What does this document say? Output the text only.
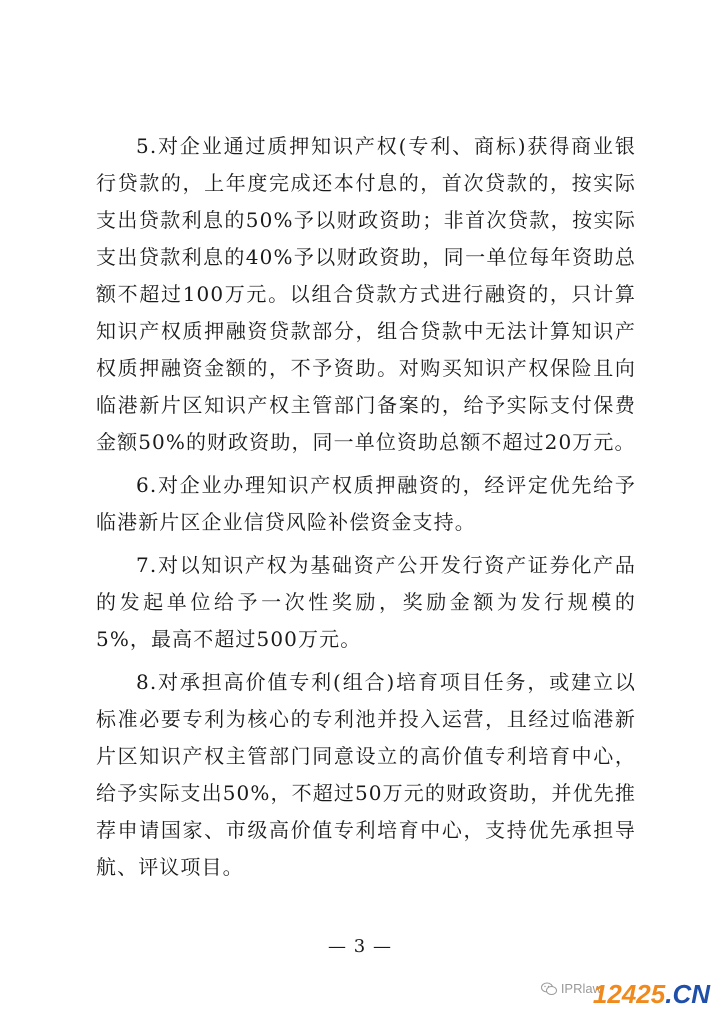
5.对企业通过质押知识产权(专利、商标)获得商业银行贷款的，上年度完成还本付息的，首次贷款的，按实际支出贷款利息的50%予以财政资助；非首次贷款，按实际支出贷款利息的40%予以财政资助，同一单位每年资助总额不超过100万元。以组合贷款方式进行融资的，只计算知识产权质押融资贷款部分，组合贷款中无法计算知识产权质押融资金额的，不予资助。对购买知识产权保险且向临港新片区知识产权主管部门备案的，给予实际支付保费金额50%的财政资助，同一单位资助总额不超过20万元。

6.对企业办理知识产权质押融资的，经评定优先给予临港新片区企业信贷风险补偿资金支持。

7.对以知识产权为基础资产公开发行资产证券化产品的发起单位给予一次性奖励，奖励金额为发行规模的5%，最高不超过500万元。

8.对承担高价值专利(组合)培育项目任务，或建立以标准必要专利为核心的专利池并投入运营，且经过临港新片区知识产权主管部门同意设立的高价值专利培育中心，给予实际支出50%，不超过50万元的财政资助，并优先推荐申请国家、市级高价值专利培育中心，支持优先承担导航、评议项目。

— 3 —
IPRlaw
12425.CN
